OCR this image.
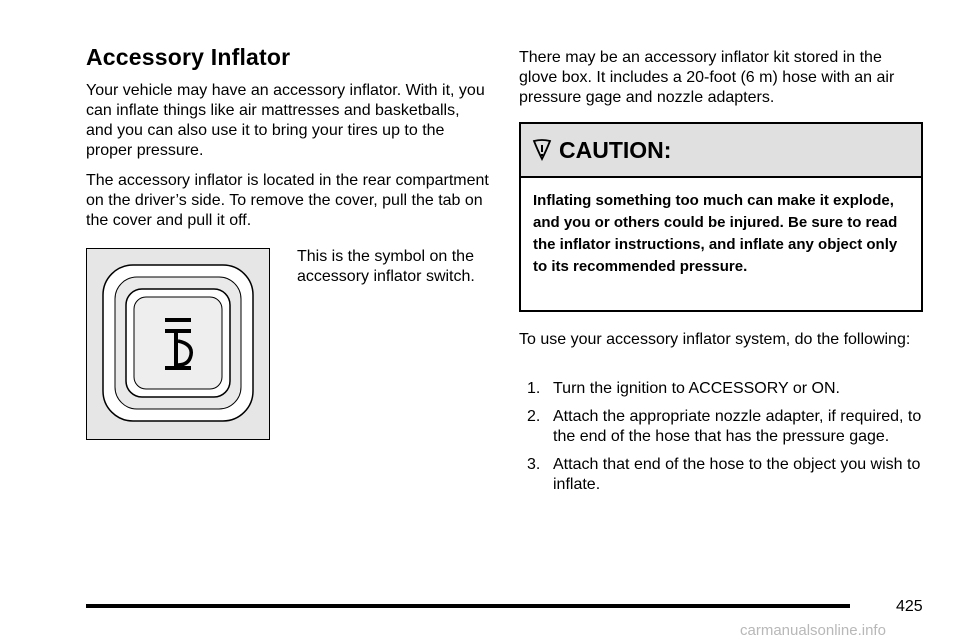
Accessory Inflator

Your vehicle may have an accessory inflator. With it, you can inflate things like air mattresses and basketballs, and you can also use it to bring your tires up to the proper pressure.

The accessory inflator is located in the rear compartment on the driver’s side. To remove the cover, pull the tab on the cover and pull it off.

This is the symbol on the accessory inflator switch.

There may be an accessory inflator kit stored in the glove box. It includes a 20-foot (6 m) hose with an air pressure gage and nozzle adapters.

CAUTION:
Inflating something too much can make it explode, and you or others could be injured. Be sure to read the inflator instructions, and inflate any object only to its recommended pressure.

To use your accessory inflator system, do the following:

1. Turn the ignition to ACCESSORY or ON.
2. Attach the appropriate nozzle adapter, if required, to the end of the hose that has the pressure gage.
3. Attach that end of the hose to the object you wish to inflate.
425
carmanualsonline.info
